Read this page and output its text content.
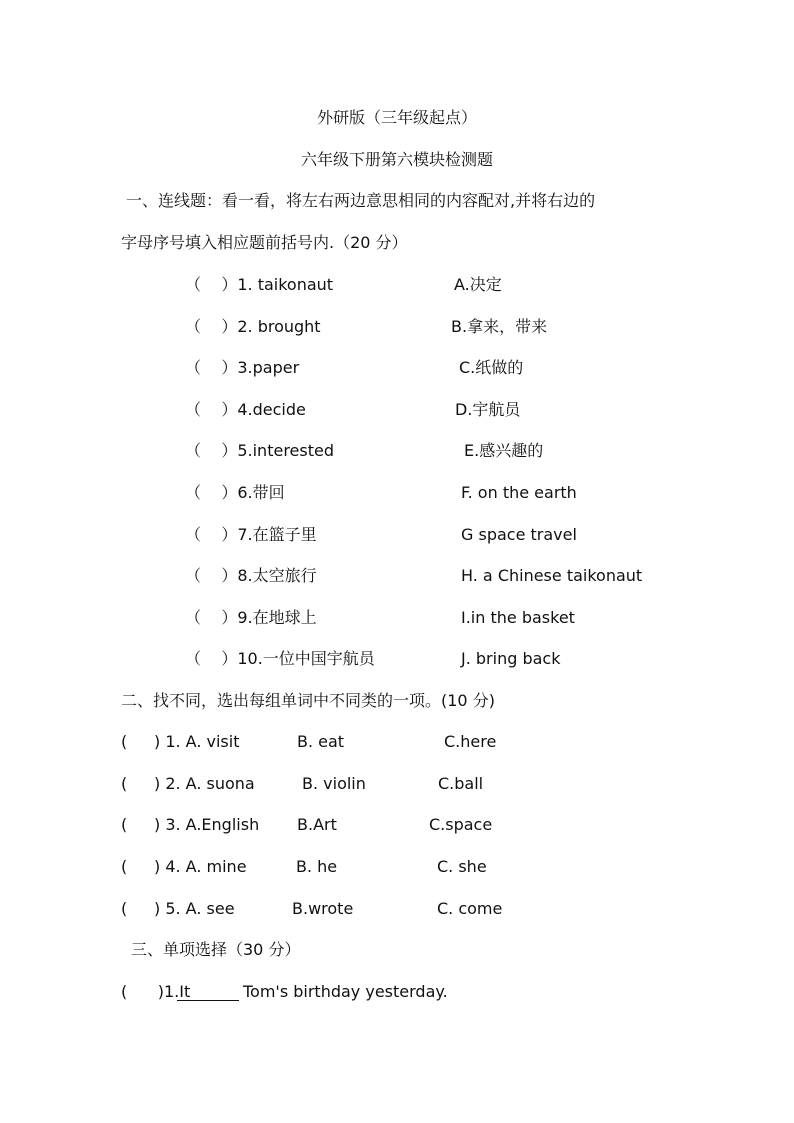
外研版（三年级起点）
六年级下册第六模块检测题
一、连线题：看一看，将左右两边意思相同的内容配对,并将右边的
字母序号填入相应题前括号内.（20 分）
（    ）1. taikonaut	A.决定
（    ）2. brought	B.拿来，带来
（    ）3.paper	C.纸做的
（    ）4.decide	D.宇航员
（    ）5.interested	E.感兴趣的
（    ）6.带回	F. on the earth
（    ）7.在篮子里	G space travel
（    ）8.太空旅行	H. a Chinese taikonaut
（    ）9.在地球上	I.in the basket
（    ）10.一位中国宇航员	J. bring back
二、找不同，选出每组单词中不同类的一项。(10 分)
( ) 1. A. visit	B. eat	C.here
( ) 2. A. suona	B. violin	C.ball
( ) 3. A.English B.Art	C.space
( ) 4. A. mine	B. he	C. she
( ) 5. A. see	B.wrote	C. come
三、单项选择（30 分）
(      )1.It	Tom's birthday yesterday.
